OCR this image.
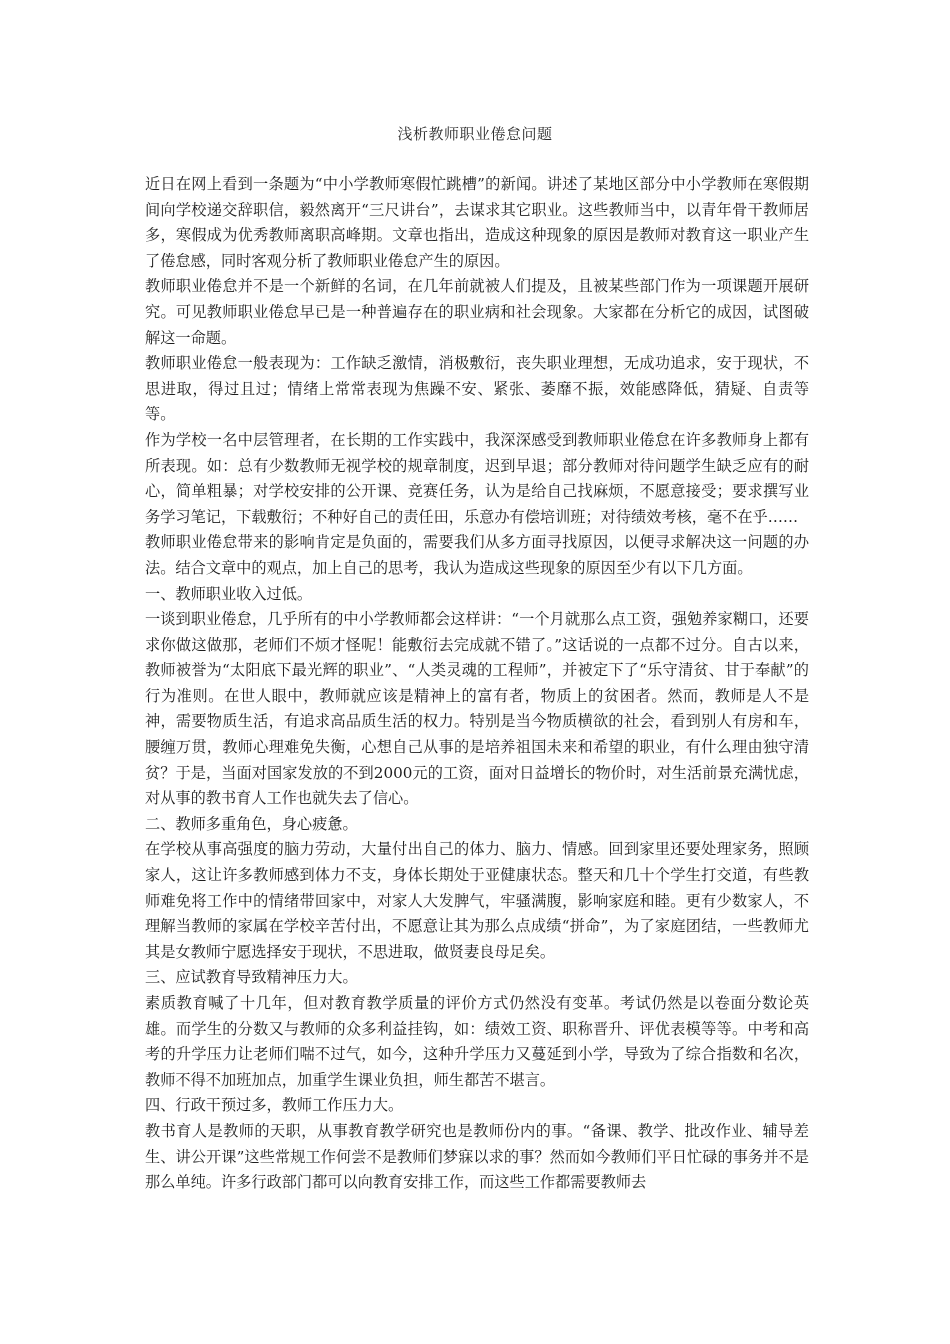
浅析教师职业倦怠问题

近日在网上看到一条题为“中小学教师寒假忙跳槽”的新闻。讲述了某地区部分中小学教师在寒假期间向学校递交辞职信，毅然离开“三尺讲台”，去谋求其它职业。这些教师当中，以青年骨干教师居多，寒假成为优秀教师离职高峰期。文章也指出，造成这种现象的原因是教师对教育这一职业产生了倦怠感，同时客观分析了教师职业倦怠产生的原因。

教师职业倦怠并不是一个新鲜的名词，在几年前就被人们提及，且被某些部门作为一项课题开展研究。可见教师职业倦怠早已是一种普遍存在的职业病和社会现象。大家都在分析它的成因，试图破解这一命题。

教师职业倦怠一般表现为：工作缺乏激情，消极敷衍，丧失职业理想，无成功追求，安于现状，不思进取，得过且过；情绪上常常表现为焦躁不安、紧张、萎靡不振，效能感降低，猜疑、自责等等。

作为学校一名中层管理者，在长期的工作实践中，我深深感受到教师职业倦怠在许多教师身上都有所表现。如：总有少数教师无视学校的规章制度，迟到早退；部分教师对待问题学生缺乏应有的耐心，简单粗暴；对学校安排的公开课、竞赛任务，认为是给自己找麻烦，不愿意接受；要求撰写业务学习笔记，下载敷衍；不种好自己的责任田，乐意办有偿培训班；对待绩效考核，毫不在乎……

教师职业倦怠带来的影响肯定是负面的，需要我们从多方面寻找原因，以便寻求解决这一问题的办法。结合文章中的观点，加上自己的思考，我认为造成这些现象的原因至少有以下几方面。

一、教师职业收入过低。

一谈到职业倦怠，几乎所有的中小学教师都会这样讲：“一个月就那么点工资，强勉养家糊口，还要求你做这做那，老师们不烦才怪呢！能敷衍去完成就不错了。”这话说的一点都不过分。自古以来，教师被誉为“太阳底下最光辉的职业”、“人类灵魂的工程师”，并被定下了“乐守清贫、甘于奉献”的行为准则。在世人眼中，教师就应该是精神上的富有者，物质上的贫困者。然而，教师是人不是神，需要物质生活，有追求高品质生活的权力。特别是当今物质横欲的社会，看到别人有房和车，腰缠万贯，教师心理难免失衡，心想自己从事的是培养祖国未来和希望的职业，有什么理由独守清贫？于是，当面对国家发放的不到2000元的工资，面对日益增长的物价时，对生活前景充满忧虑，对从事的教书育人工作也就失去了信心。

二、教师多重角色，身心疲惫。

在学校从事高强度的脑力劳动，大量付出自己的体力、脑力、情感。回到家里还要处理家务，照顾家人，这让许多教师感到体力不支，身体长期处于亚健康状态。整天和几十个学生打交道，有些教师难免将工作中的情绪带回家中，对家人大发脾气，牢骚满腹，影响家庭和睦。更有少数家人，不理解当教师的家属在学校辛苦付出，不愿意让其为那么点成绩“拼命”，为了家庭团结，一些教师尤其是女教师宁愿选择安于现状，不思进取，做贤妻良母足矣。

三、应试教育导致精神压力大。

素质教育喊了十几年，但对教育教学质量的评价方式仍然没有变革。考试仍然是以卷面分数论英雄。而学生的分数又与教师的众多利益挂钩，如：绩效工资、职称晋升、评优表模等等。中考和高考的升学压力让老师们喘不过气，如今，这种升学压力又蔓延到小学，导致为了综合指数和名次，教师不得不加班加点，加重学生课业负担，师生都苦不堪言。

四、行政干预过多，教师工作压力大。

教书育人是教师的天职，从事教育教学研究也是教师份内的事。“备课、教学、批改作业、辅导差生、讲公开课”这些常规工作何尝不是教师们梦寐以求的事？然而如今教师们平日忙碌的事务并不是那么单纯。许多行政部门都可以向教育安排工作，而这些工作都需要教师去
